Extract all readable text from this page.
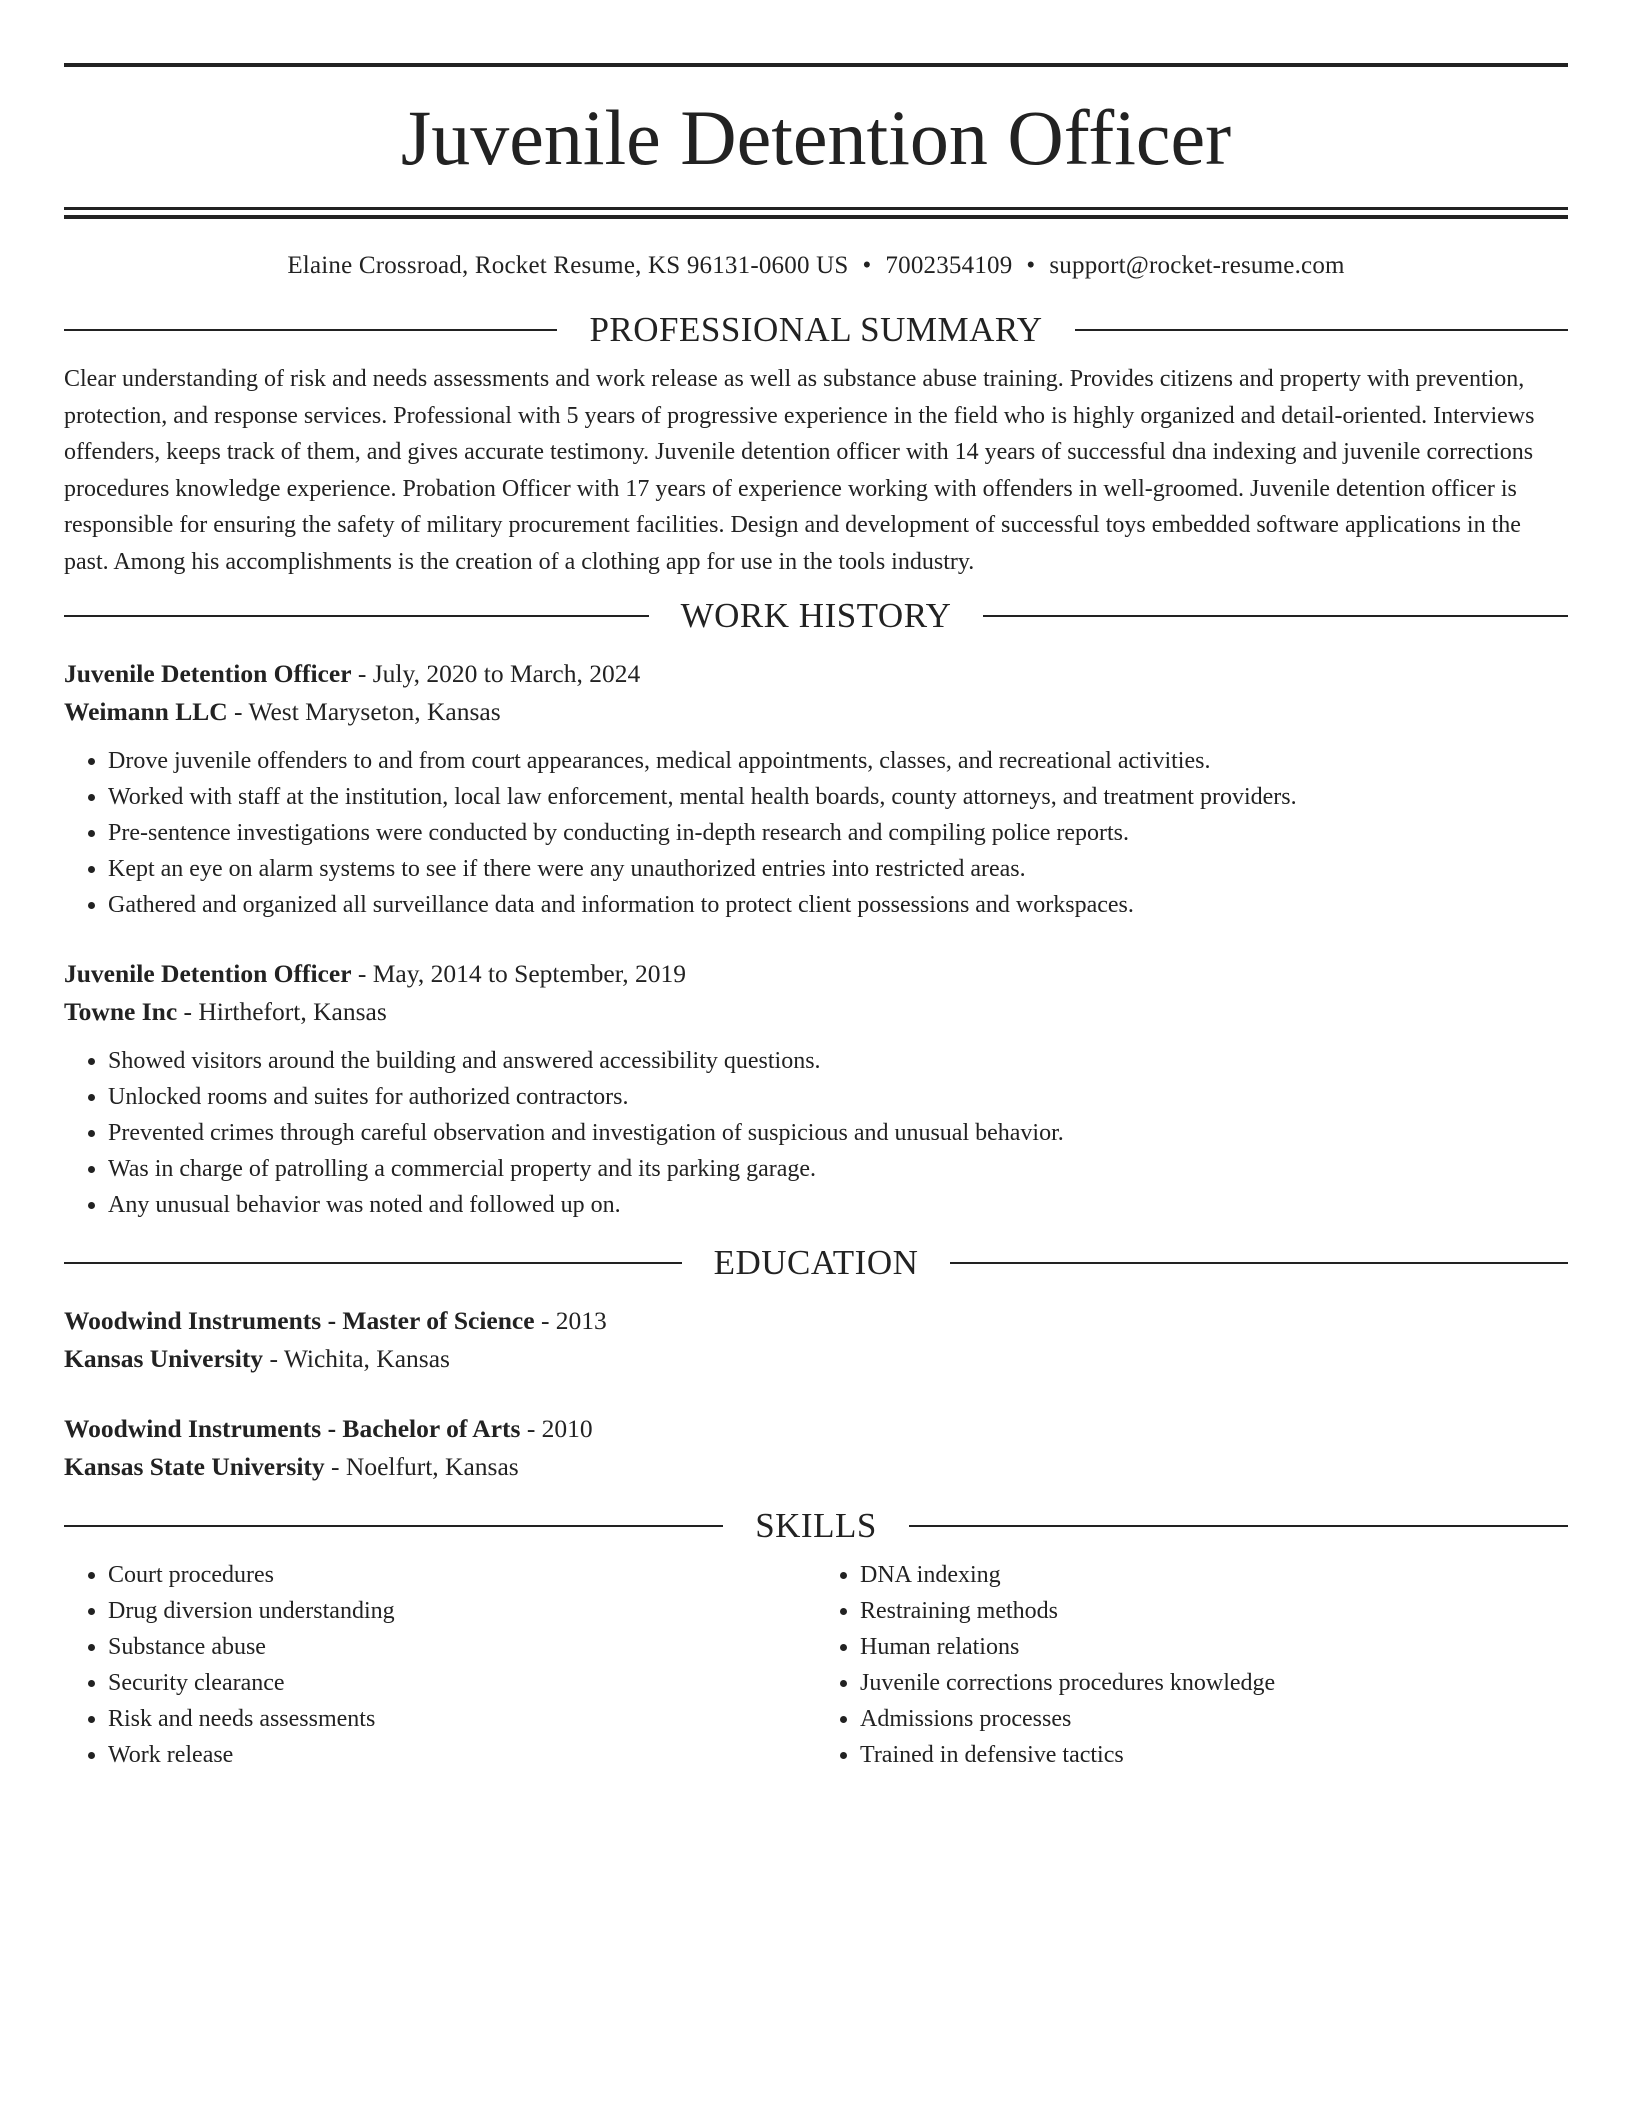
Juvenile Detention Officer
Elaine Crossroad, Rocket Resume, KS 96131-0600 US • 7002354109 • support@rocket-resume.com
PROFESSIONAL SUMMARY

Clear understanding of risk and needs assessments and work release as well as substance abuse training. Provides citizens and property with prevention, protection, and response services. Professional with 5 years of progressive experience in the field who is highly organized and detail-oriented. Interviews offenders, keeps track of them, and gives accurate testimony. Juvenile detention officer with 14 years of successful dna indexing and juvenile corrections procedures knowledge experience. Probation Officer with 17 years of experience working with offenders in well-groomed. Juvenile detention officer is responsible for ensuring the safety of military procurement facilities. Design and development of successful toys embedded software applications in the past. Among his accomplishments is the creation of a clothing app for use in the tools industry.

WORK HISTORY
Juvenile Detention Officer - July, 2020 to March, 2024
Weimann LLC - West Maryseton, Kansas
• Drove juvenile offenders to and from court appearances, medical appointments, classes, and recreational activities.
• Worked with staff at the institution, local law enforcement, mental health boards, county attorneys, and treatment providers.
• Pre-sentence investigations were conducted by conducting in-depth research and compiling police reports.
• Kept an eye on alarm systems to see if there were any unauthorized entries into restricted areas.
• Gathered and organized all surveillance data and information to protect client possessions and workspaces.
Juvenile Detention Officer - May, 2014 to September, 2019
Towne Inc - Hirthefort, Kansas
• Showed visitors around the building and answered accessibility questions.
• Unlocked rooms and suites for authorized contractors.
• Prevented crimes through careful observation and investigation of suspicious and unusual behavior.
• Was in charge of patrolling a commercial property and its parking garage.
• Any unusual behavior was noted and followed up on.
EDUCATION
Woodwind Instruments - Master of Science - 2013
Kansas University - Wichita, Kansas
Woodwind Instruments - Bachelor of Arts - 2010
Kansas State University - Noelfurt, Kansas
SKILLS
• Court procedures
• Drug diversion understanding
• Substance abuse
• Security clearance
• Risk and needs assessments
• Work release
• DNA indexing
• Restraining methods
• Human relations
• Juvenile corrections procedures knowledge
• Admissions processes
• Trained in defensive tactics
